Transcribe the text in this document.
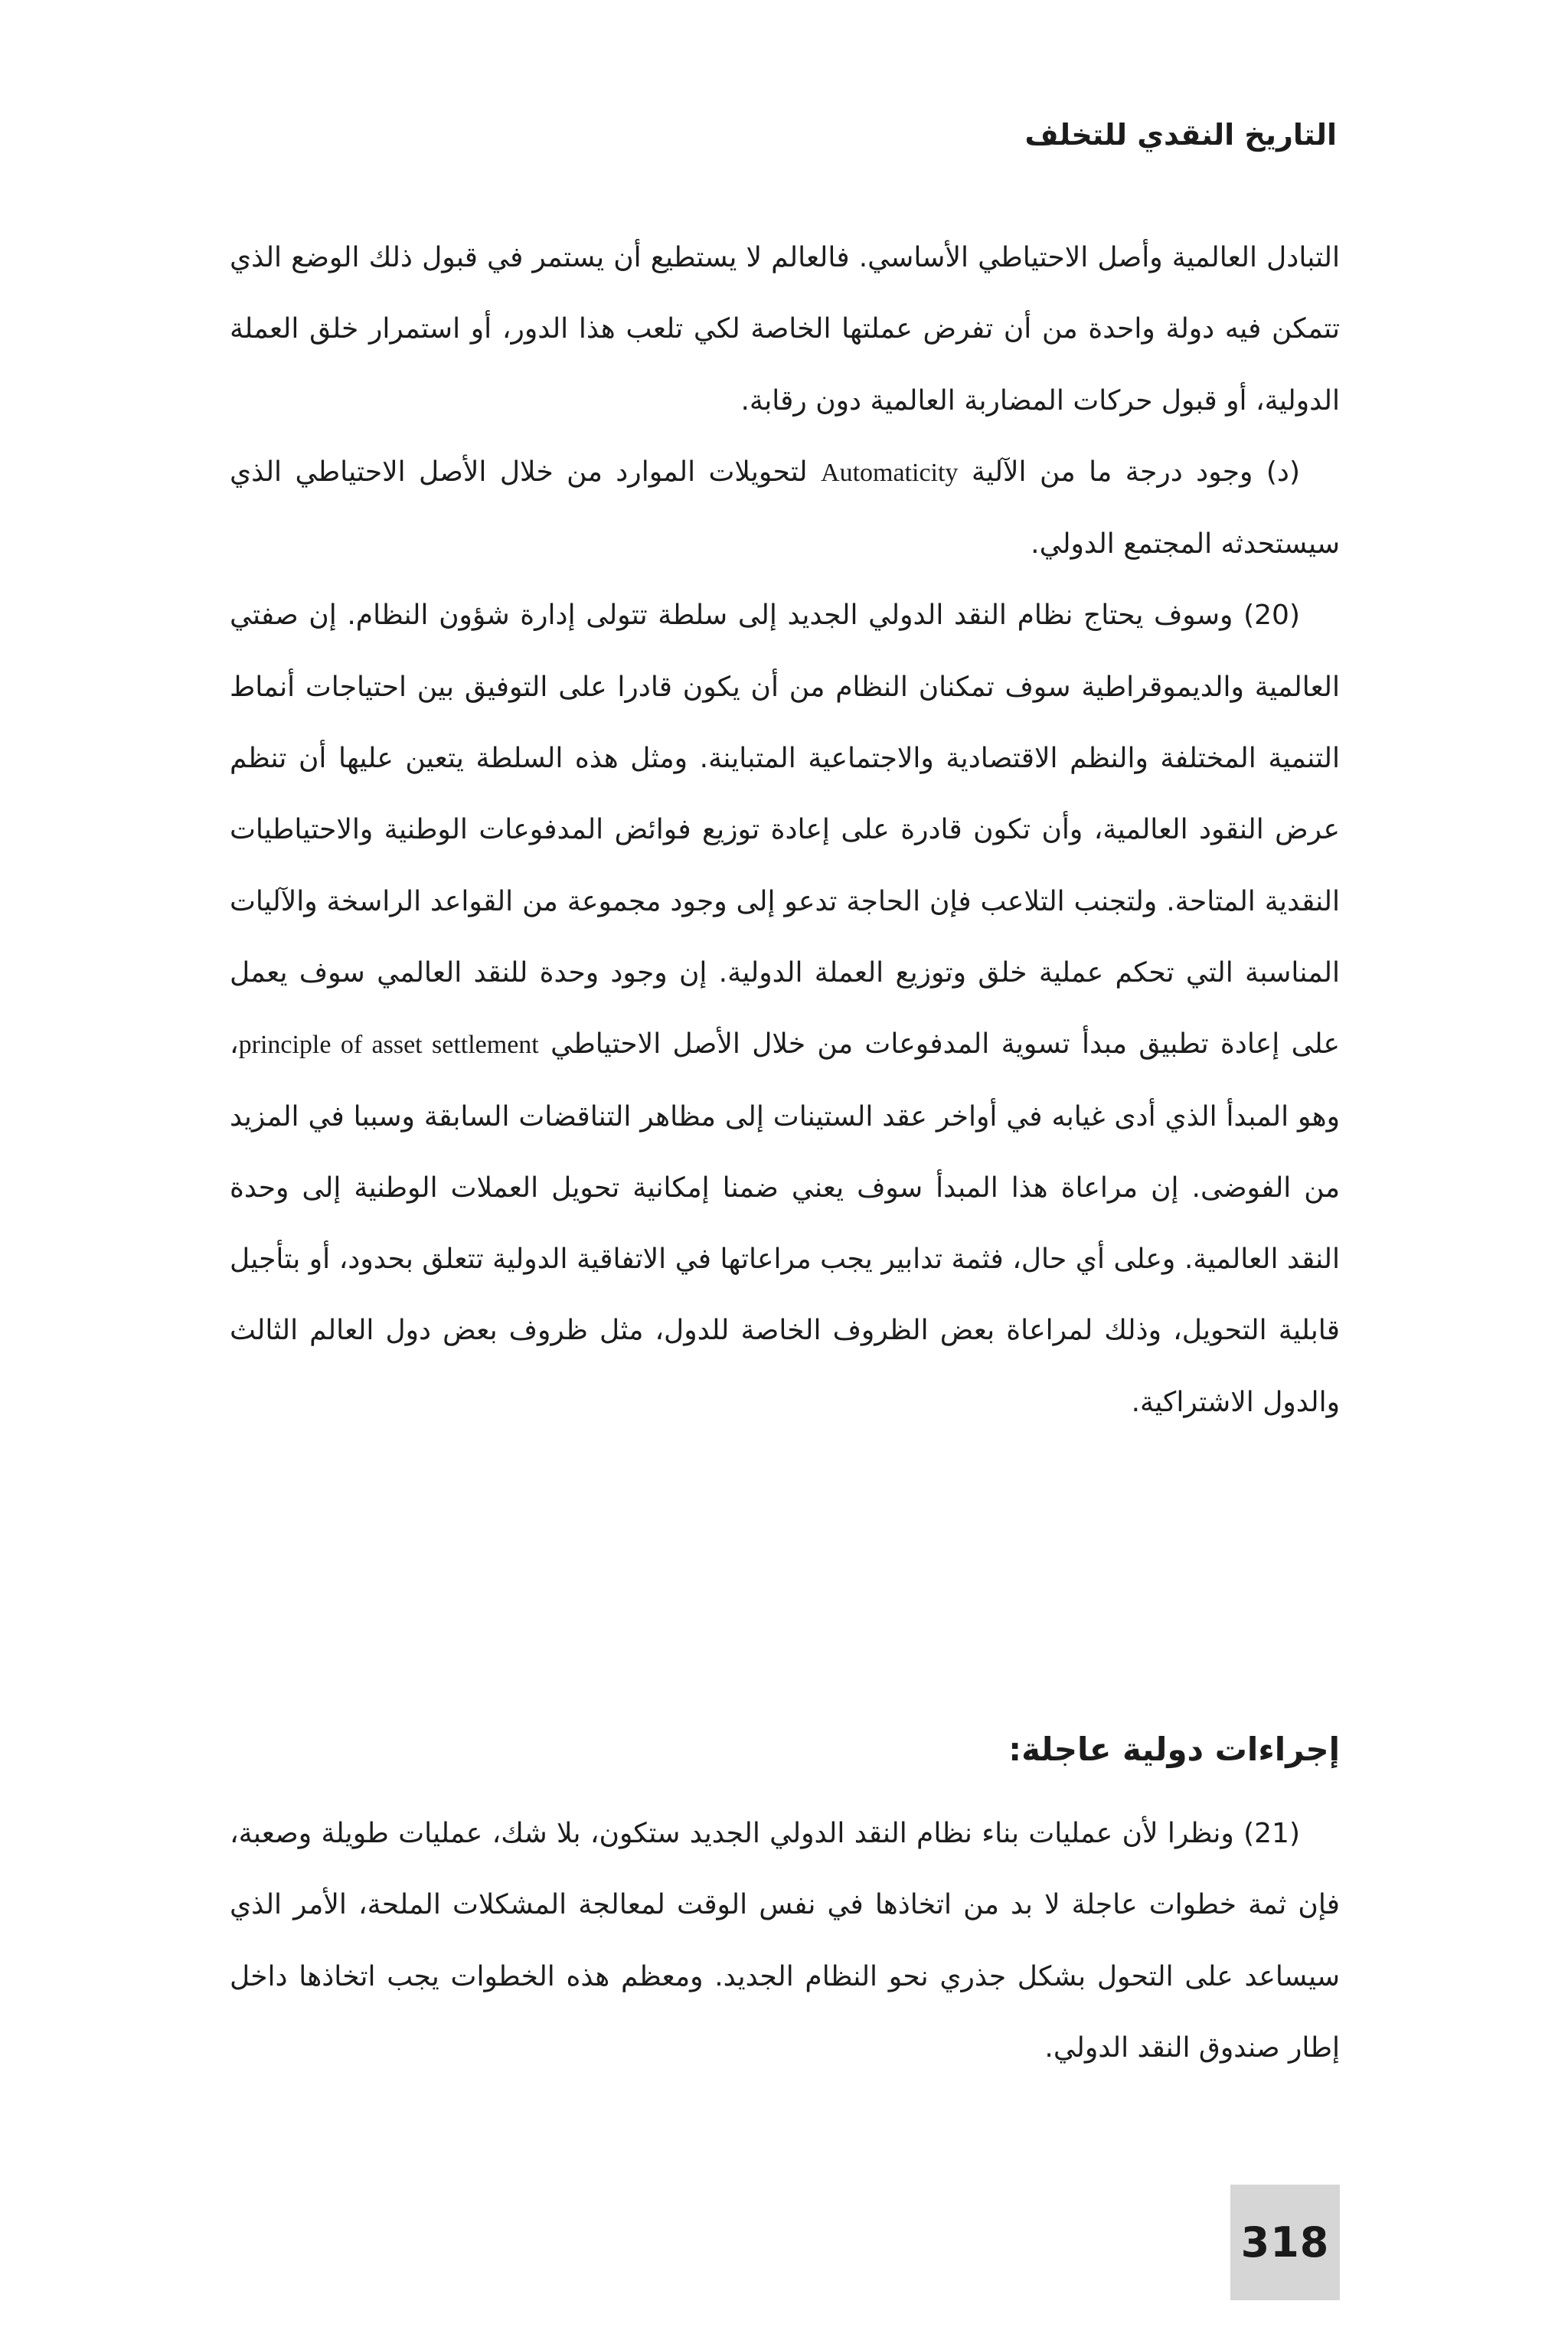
التاريخ النقدي للتخلف

التبادل العالمية وأصل الاحتياطي الأساسي. فالعالم لا يستطيع أن يستمر في قبول ذلك الوضع الذي تتمكن فيه دولة واحدة من أن تفرض عملتها الخاصة لكي تلعب هذا الدور، أو استمرار خلق العملة الدولية، أو قبول حركات المضاربة العالمية دون رقابة.

(د) وجود درجة ما من الآلية Automaticity لتحويلات الموارد من خلال الأصل الاحتياطي الذي سيستحدثه المجتمع الدولي.

(20) وسوف يحتاج نظام النقد الدولي الجديد إلى سلطة تتولى إدارة شؤون النظام. إن صفتي العالمية والديموقراطية سوف تمكنان النظام من أن يكون قادرا على التوفيق بين احتياجات أنماط التنمية المختلفة والنظم الاقتصادية والاجتماعية المتباينة. ومثل هذه السلطة يتعين عليها أن تنظم عرض النقود العالمية، وأن تكون قادرة على إعادة توزيع فوائض المدفوعات الوطنية والاحتياطيات النقدية المتاحة. ولتجنب التلاعب فإن الحاجة تدعو إلى وجود مجموعة من القواعد الراسخة والآليات المناسبة التي تحكم عملية خلق وتوزيع العملة الدولية. إن وجود وحدة للنقد العالمي سوف يعمل على إعادة تطبيق مبدأ تسوية المدفوعات من خلال الأصل الاحتياطي principle of asset settlement، وهو المبدأ الذي أدى غيابه في أواخر عقد الستينات إلى مظاهر التناقضات السابقة وسببا في المزيد من الفوضى. إن مراعاة هذا المبدأ سوف يعني ضمنا إمكانية تحويل العملات الوطنية إلى وحدة النقد العالمية. وعلى أي حال، فثمة تدابير يجب مراعاتها في الاتفاقية الدولية تتعلق بحدود، أو بتأجيل قابلية التحويل، وذلك لمراعاة بعض الظروف الخاصة للدول، مثل ظروف بعض دول العالم الثالث والدول الاشتراكية.

إجراءات دولية عاجلة:

(21) ونظرا لأن عمليات بناء نظام النقد الدولي الجديد ستكون، بلا شك، عمليات طويلة وصعبة، فإن ثمة خطوات عاجلة لا بد من اتخاذها في نفس الوقت لمعالجة المشكلات الملحة، الأمر الذي سيساعد على التحول بشكل جذري نحو النظام الجديد. ومعظم هذه الخطوات يجب اتخاذها داخل إطار صندوق النقد الدولي.

318
